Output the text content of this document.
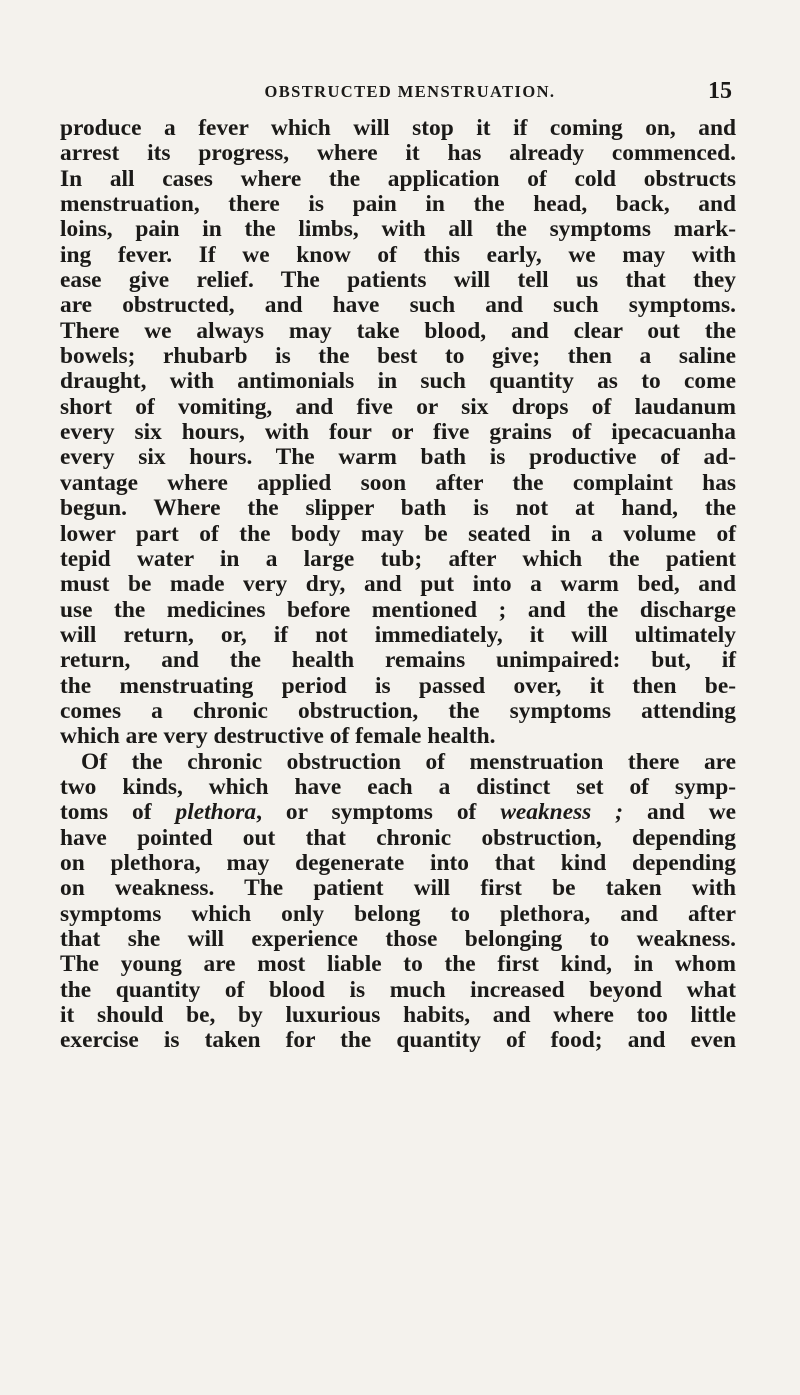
OBSTRUCTED MENSTRUATION.	15
produce a fever which will stop it if coming on, and
arrest its progress, where it has already commenced.
In all cases where the application of cold obstructs
menstruation, there is pain in the head, back, and
loins, pain in the limbs, with all the symptoms mark-
ing fever. If we know of this early, we may with
ease give relief. The patients will tell us that they
are obstructed, and have such and such symptoms.
There we always may take blood, and clear out the
bowels; rhubarb is the best to give; then a saline
draught, with antimonials in such quantity as to come
short of vomiting, and five or six drops of laudanum
every six hours, with four or five grains of ipecacuanha
every six hours. The warm bath is productive of ad-
vantage where applied soon after the complaint has
begun. Where the slipper bath is not at hand, the
lower part of the body may be seated in a volume of
tepid water in a large tub; after which the patient
must be made very dry, and put into a warm bed, and
use the medicines before mentioned ; and the discharge
will return, or, if not immediately, it will ultimately
return, and the health remains unimpaired: but, if
the menstruating period is passed over, it then be-
comes a chronic obstruction, the symptoms attending
which are very destructive of female health.
Of the chronic obstruction of menstruation there are
two kinds, which have each a distinct set of symp-
toms of plethora, or symptoms of weakness ; and we
have pointed out that chronic obstruction, depending
on plethora, may degenerate into that kind depending
on weakness. The patient will first be taken with
symptoms which only belong to plethora, and after
that she will experience those belonging to weakness.
The young are most liable to the first kind, in whom
the quantity of blood is much increased beyond what
it should be, by luxurious habits, and where too little
exercise is taken for the quantity of food; and even
